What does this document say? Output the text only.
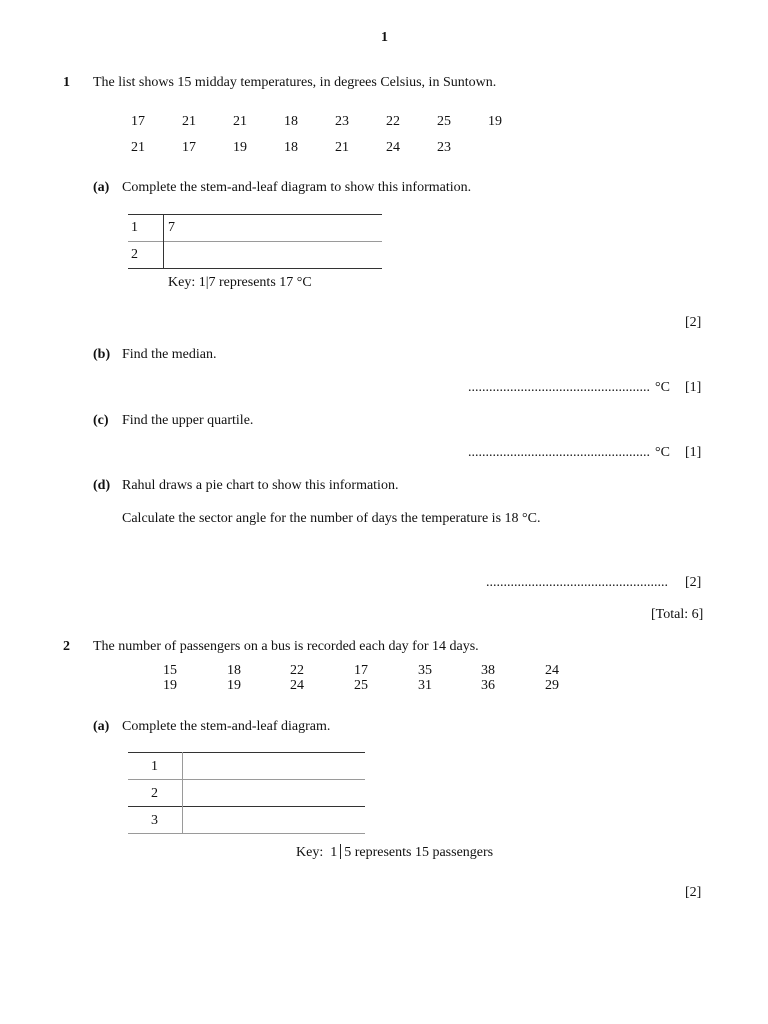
1
1 The list shows 15 midday temperatures, in degrees Celsius, in Suntown.
17	21	21	18	23	22	25	19
21	17	19	18	21	24	23
(a) Complete the stem-and-leaf diagram to show this information.
1 7
2
Key: 1|7 represents 17 °C
[2]
(b) Find the median.
.................................................... °C [1]
(c) Find the upper quartile.
.................................................... °C [1]
(d) Rahul draws a pie chart to show this information.
Calculate the sector angle for the number of days the temperature is 18 °C.
.................................................... [2]
[Total: 6]
2 The number of passengers on a bus is recorded each day for 14 days.
15	18	22	17	35	38	24
19	19	24	25	31	36	29
(a) Complete the stem-and-leaf diagram.
1
2
3
Key: 1 5 represents 15 passengers
[2]
